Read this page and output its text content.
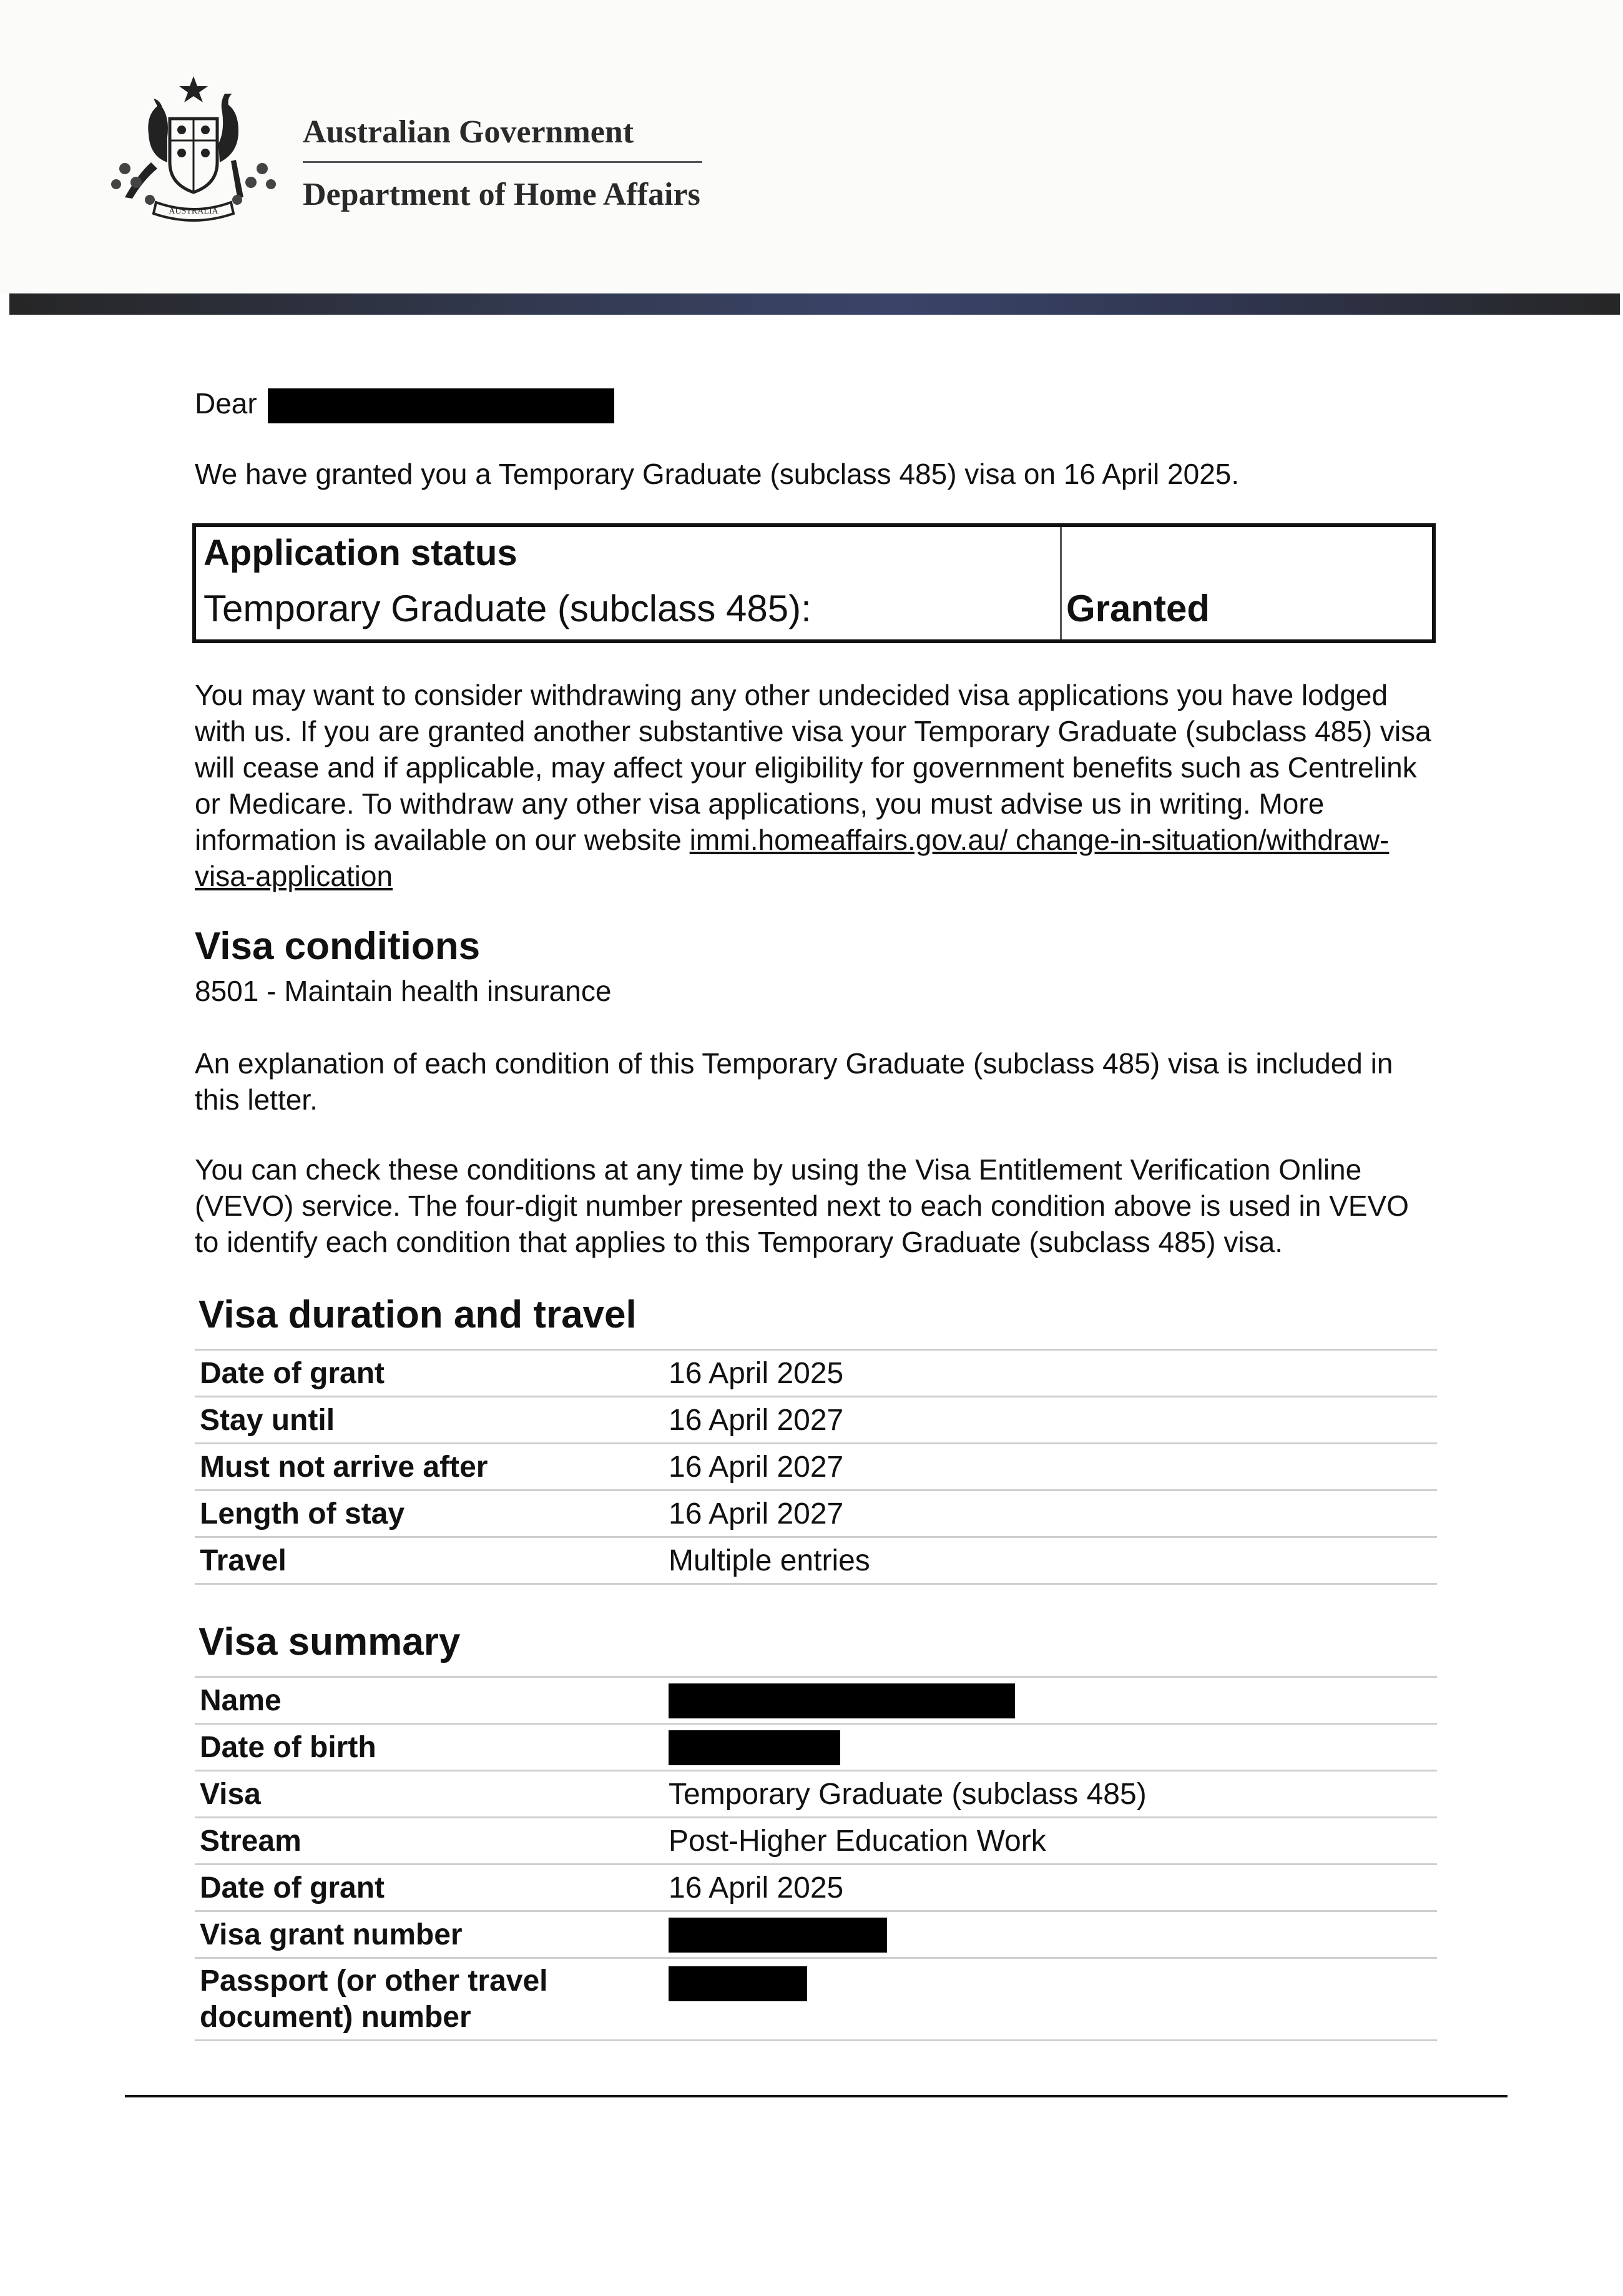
AUSTRALIA
Australian Government
Department of Home Affairs
Dear
We have granted you a Temporary Graduate (subclass 485) visa on 16 April 2025.
Application status
Temporary Graduate (subclass 485):	Granted
You may want to consider withdrawing any other undecided visa applications you have lodged with us. If you are granted another substantive visa your Temporary Graduate (subclass 485) visa will cease and if applicable, may affect your eligibility for government benefits such as Centrelink or Medicare. To withdraw any other visa applications, you must advise us in writing. More information is available on our website immi.homeaffairs.gov.au/ change-in-situation/withdraw-visa-application
Visa conditions
8501 - Maintain health insurance
An explanation of each condition of this Temporary Graduate (subclass 485) visa is included in this letter.
You can check these conditions at any time by using the Visa Entitlement Verification Online (VEVO) service. The four-digit number presented next to each condition above is used in VEVO to identify each condition that applies to this Temporary Graduate (subclass 485) visa.
Visa duration and travel
Date of grant	16 April 2025
Stay until	16 April 2027
Must not arrive after	16 April 2027
Length of stay	16 April 2027
Travel	Multiple entries
Visa summary
Name	
Date of birth	
Visa	Temporary Graduate (subclass 485)
Stream	Post-Higher Education Work
Date of grant	16 April 2025
Visa grant number	
Passport (or other travel document) number	
